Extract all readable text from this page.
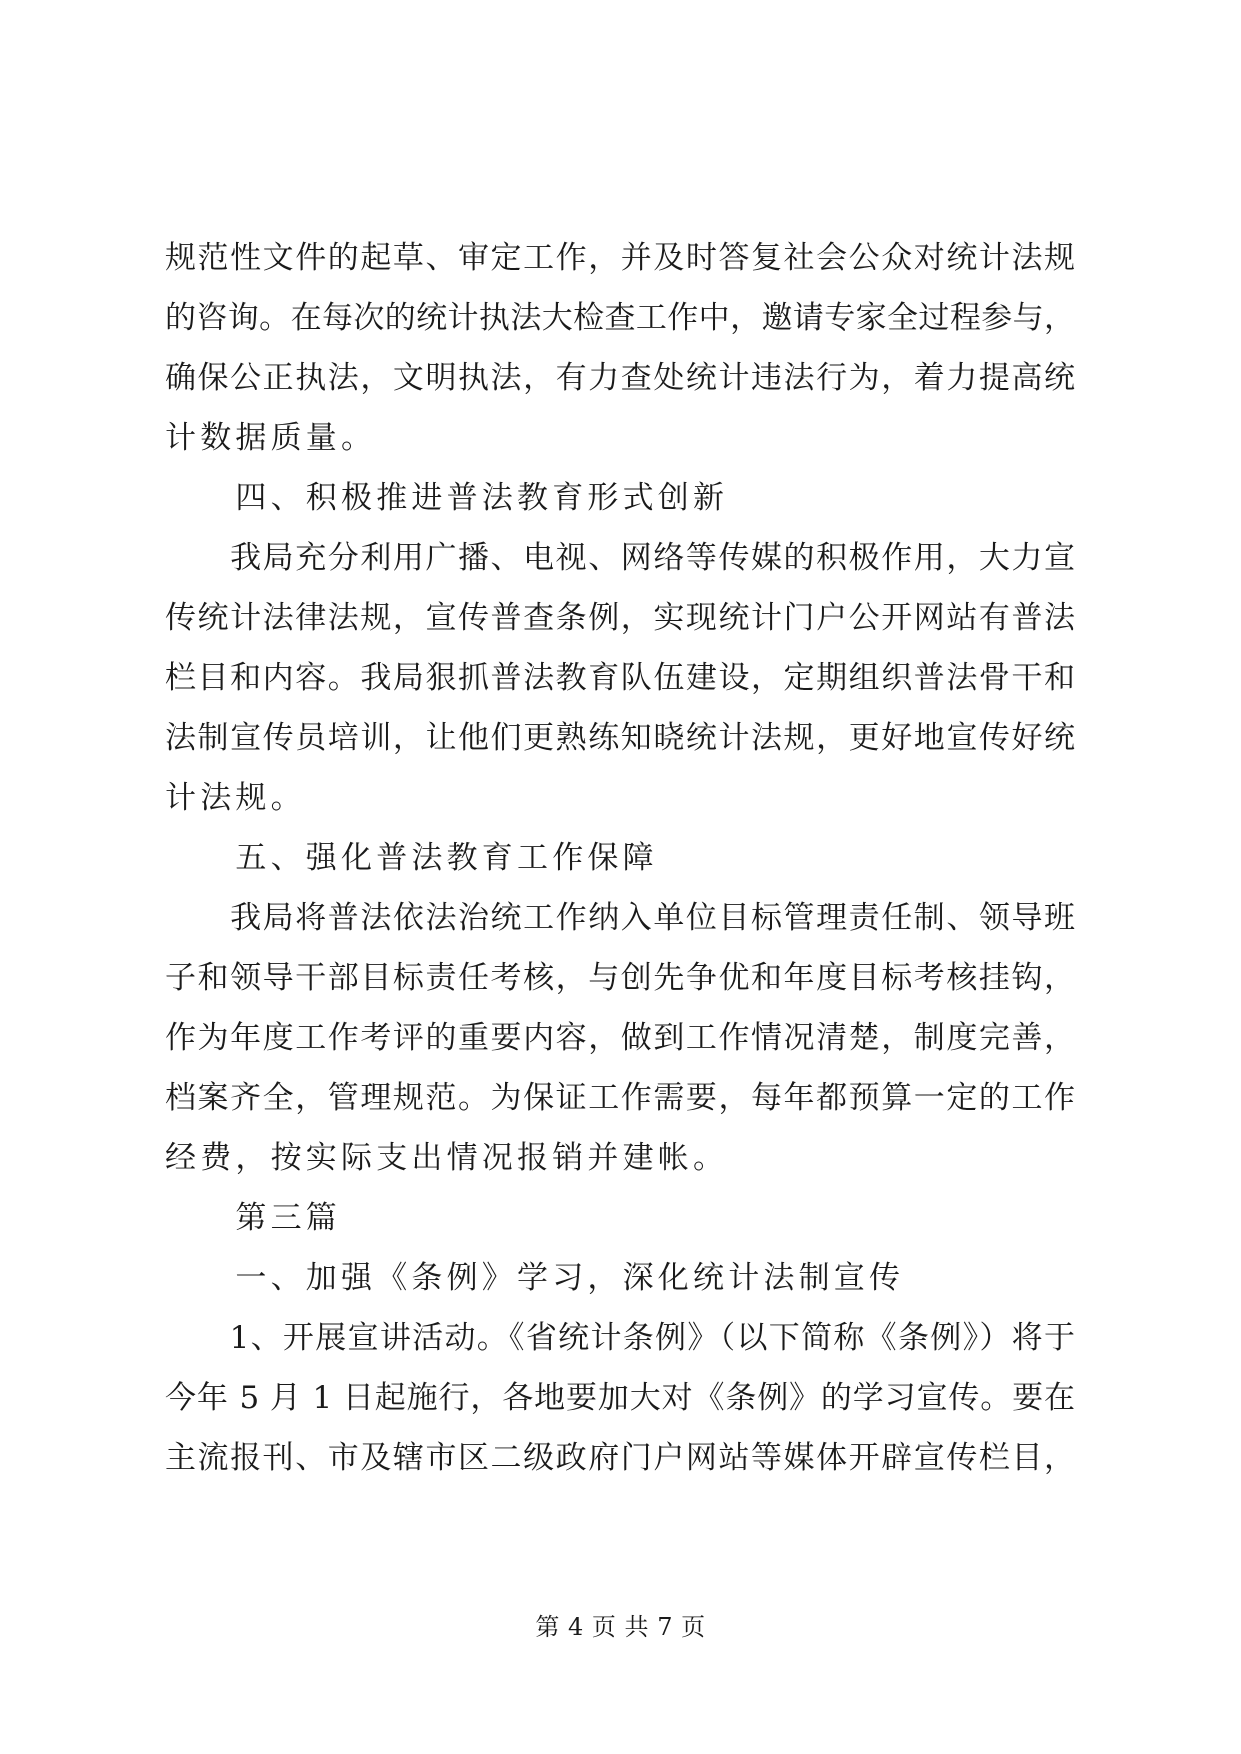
规范性文件的起草、审定工作，并及时答复社会公众对统计法规
的咨询。在每次的统计执法大检查工作中，邀请专家全过程参与，
确保公正执法，文明执法，有力查处统计违法行为，着力提高统
计数据质量。
　　四、积极推进普法教育形式创新
　　我局充分利用广播、电视、网络等传媒的积极作用，大力宣
传统计法律法规，宣传普查条例，实现统计门户公开网站有普法
栏目和内容。我局狠抓普法教育队伍建设，定期组织普法骨干和
法制宣传员培训，让他们更熟练知晓统计法规，更好地宣传好统
计法规。
　　五、强化普法教育工作保障
　　我局将普法依法治统工作纳入单位目标管理责任制、领导班
子和领导干部目标责任考核，与创先争优和年度目标考核挂钩，
作为年度工作考评的重要内容，做到工作情况清楚，制度完善，
档案齐全，管理规范。为保证工作需要，每年都预算一定的工作
经费，按实际支出情况报销并建帐。
　　第三篇
　　一、加强《条例》学习，深化统计法制宣传
　　1、开展宣讲活动。《省统计条例》（以下简称《条例》）将于
今年 5 月 1 日起施行，各地要加大对《条例》的学习宣传。要在
主流报刊、市及辖市区二级政府门户网站等媒体开辟宣传栏目，
第 4 页 共 7 页
